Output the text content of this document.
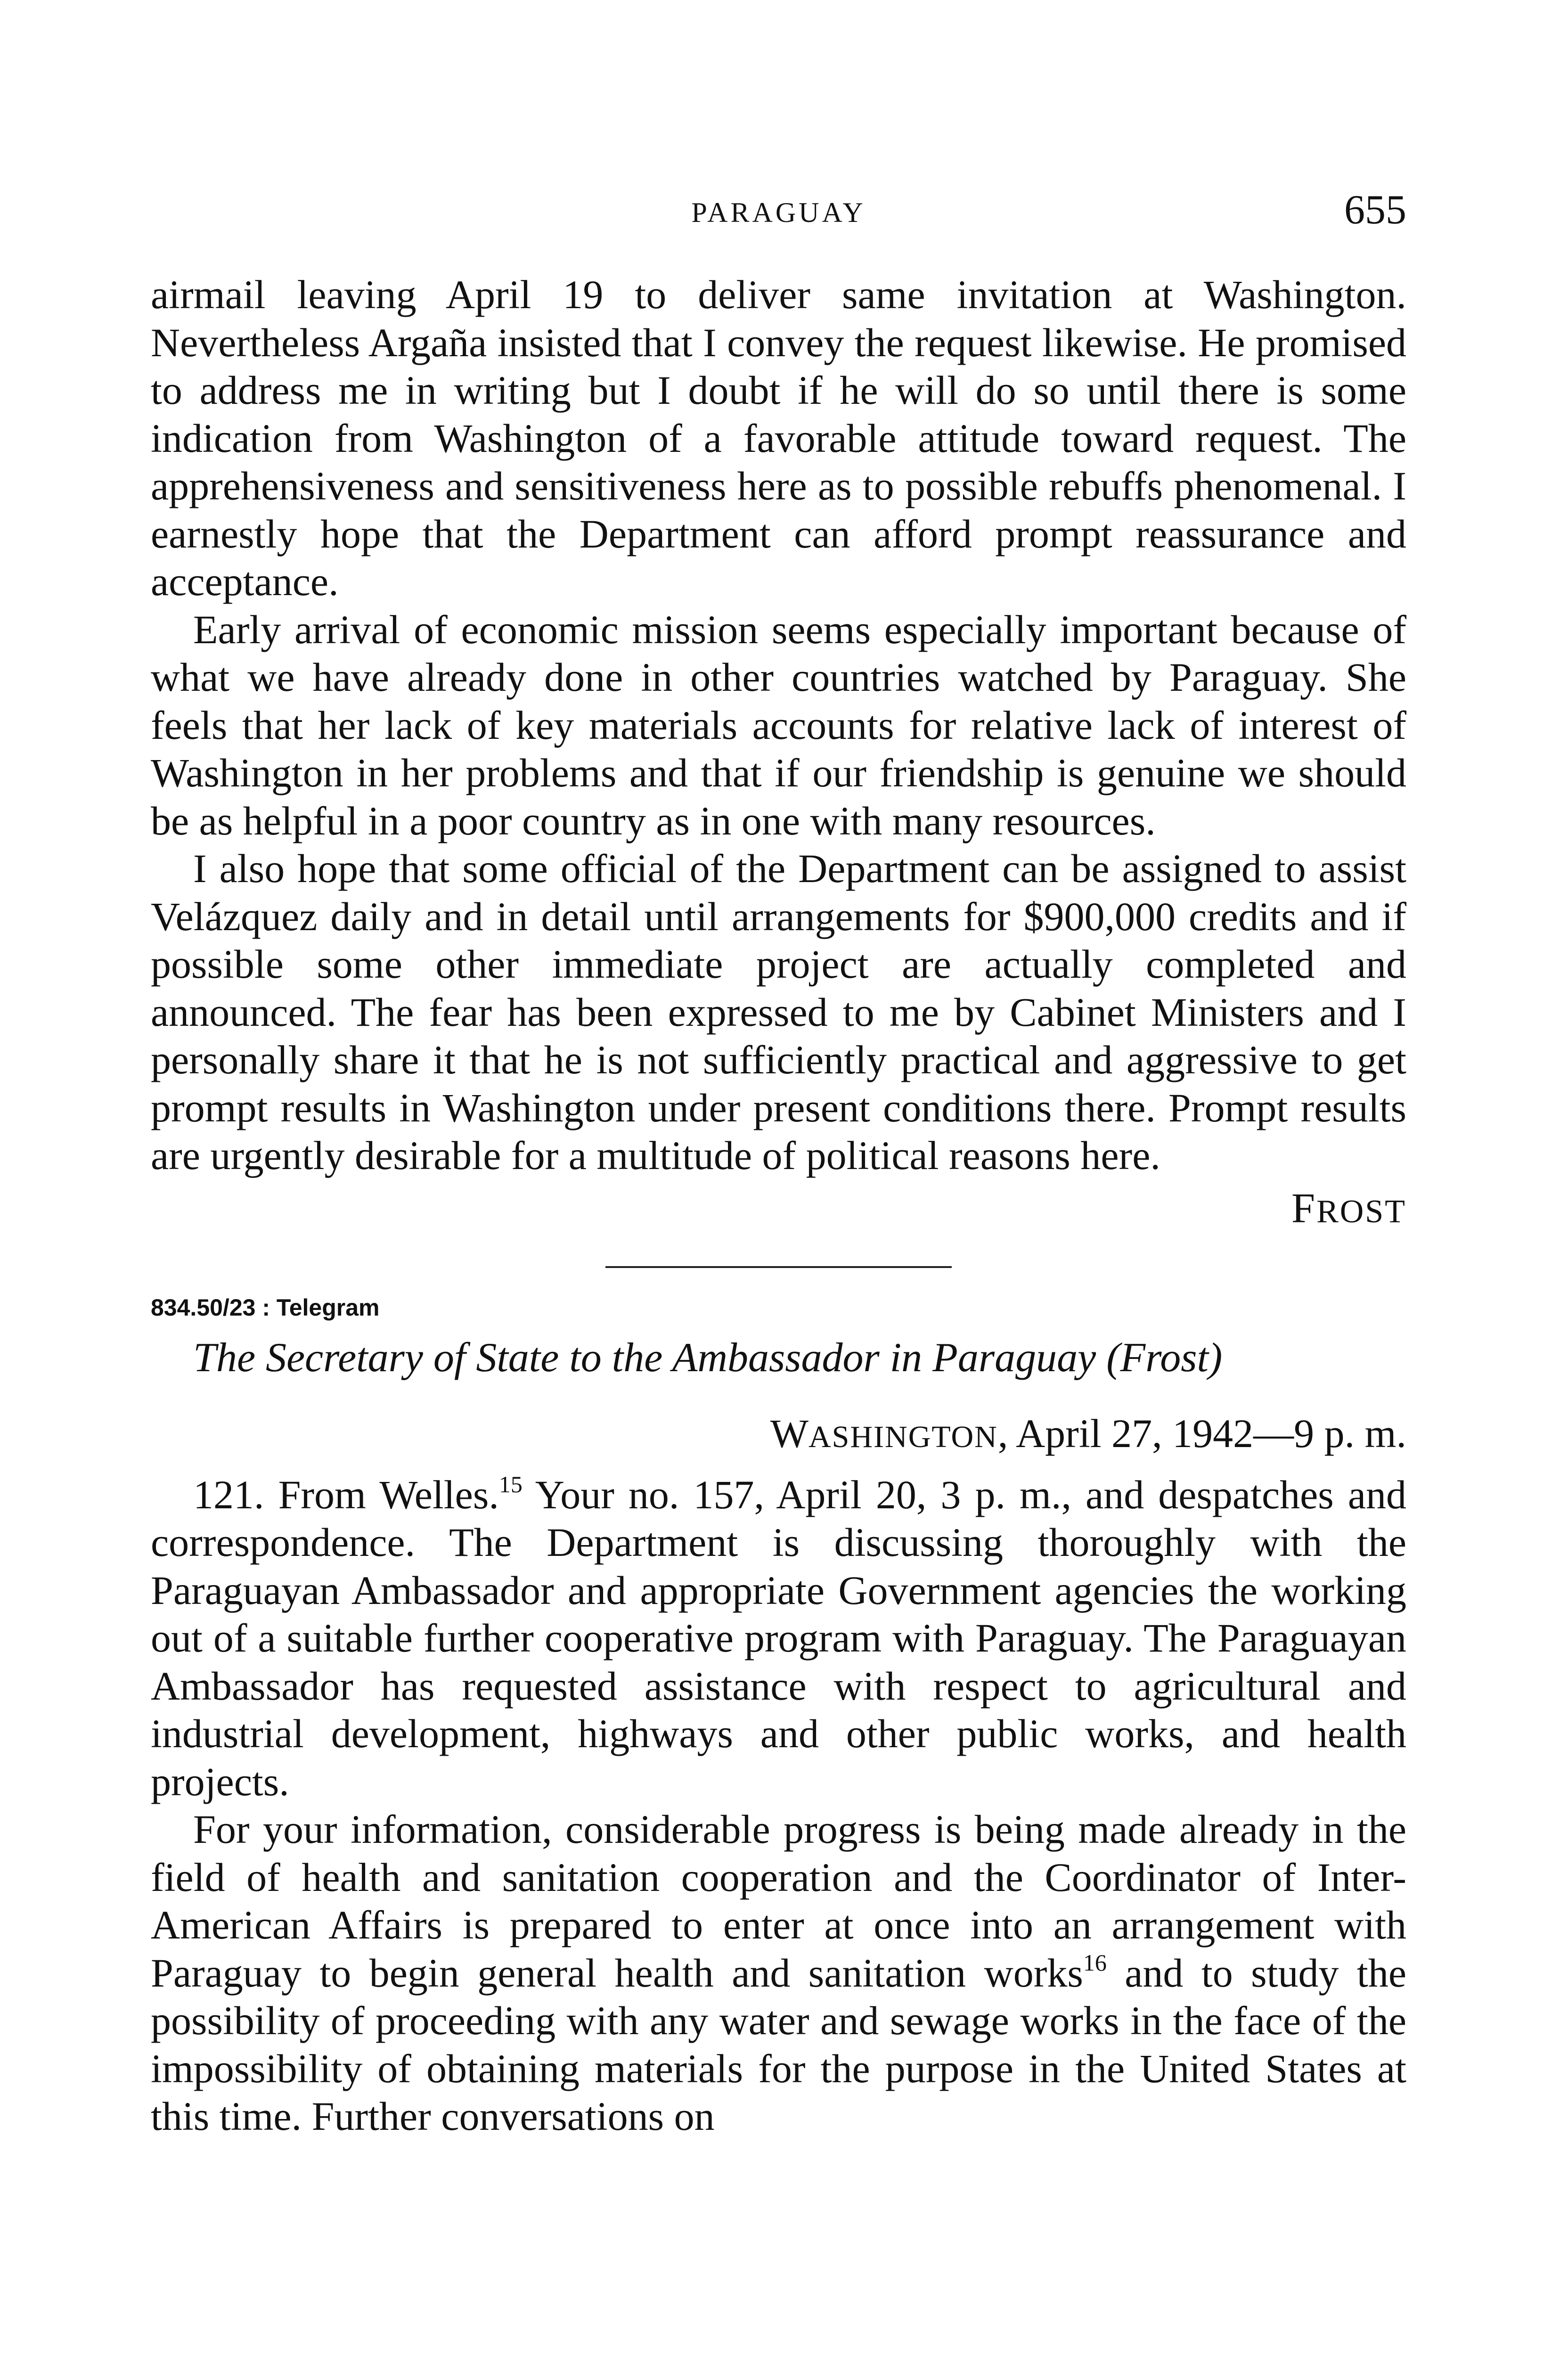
PARAGUAY	655

airmail leaving April 19 to deliver same invitation at Washington. Nevertheless Argaña insisted that I convey the request likewise. He promised to address me in writing but I doubt if he will do so until there is some indication from Washington of a favorable attitude toward request. The apprehensiveness and sensitiveness here as to possible rebuffs phenomenal. I earnestly hope that the Department can afford prompt reassurance and acceptance.

Early arrival of economic mission seems especially important because of what we have already done in other countries watched by Paraguay. She feels that her lack of key materials accounts for relative lack of interest of Washington in her problems and that if our friendship is genuine we should be as helpful in a poor country as in one with many resources.

I also hope that some official of the Department can be assigned to assist Velázquez daily and in detail until arrangements for $900,000 credits and if possible some other immediate project are actually completed and announced. The fear has been expressed to me by Cabinet Ministers and I personally share it that he is not sufficiently practical and aggressive to get prompt results in Washington under present conditions there. Prompt results are urgently desirable for a multitude of political reasons here.

FROST
834.50/23 : Telegram
The Secretary of State to the Ambassador in Paraguay (Frost)
WASHINGTON, April 27, 1942—9 p. m.

121. From Welles.$^{15}$ Your no. 157, April 20, 3 p. m., and despatches and correspondence. The Department is discussing thoroughly with the Paraguayan Ambassador and appropriate Government agencies the working out of a suitable further cooperative program with Paraguay. The Paraguayan Ambassador has requested assistance with respect to agricultural and industrial development, highways and other public works, and health projects.

For your information, considerable progress is being made already in the field of health and sanitation cooperation and the Coordinator of Inter-American Affairs is prepared to enter at once into an arrangement with Paraguay to begin general health and sanitation works$^{16}$ and to study the possibility of proceeding with any water and sewage works in the face of the impossibility of obtaining materials for the purpose in the United States at this time. Further conversations on
